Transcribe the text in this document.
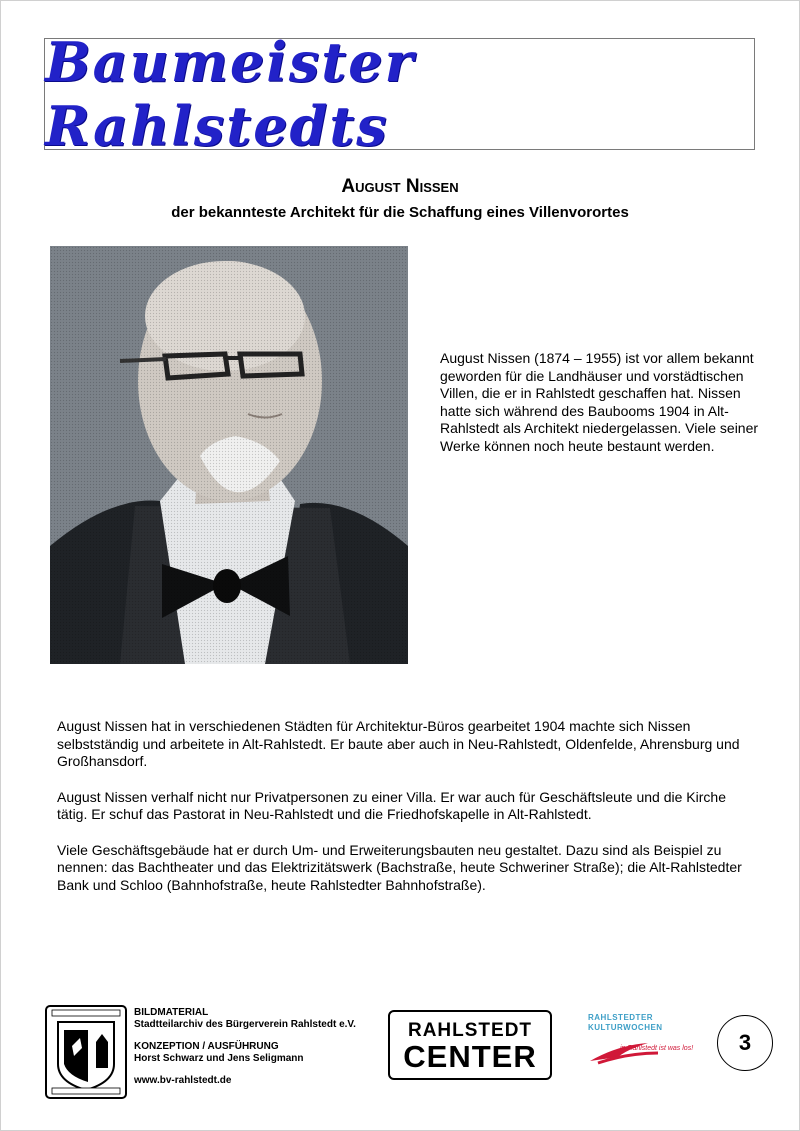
Baumeister Rahlstedts
August Nissen
der bekannteste Architekt für die Schaffung eines Villenvorortes
August Nissen (1874 – 1955) ist vor allem bekannt geworden für die Landhäuser und vorstädtischen Villen, die er in Rahlstedt geschaffen hat. Nissen hatte sich während des Baubooms 1904 in Alt-Rahlstedt als Architekt niedergelassen. Viele seiner Werke können noch heute bestaunt werden.

August Nissen hat in verschiedenen Städten für Architektur-Büros gearbeitet 1904 machte sich Nissen selbstständig und arbeitete in Alt-Rahlstedt. Er baute aber auch in Neu-Rahlstedt, Oldenfelde, Ahrensburg und Großhansdorf.

August Nissen verhalf nicht nur Privatpersonen zu einer Villa. Er war auch für Geschäftsleute und die Kirche tätig. Er schuf das Pastorat in Neu-Rahlstedt und die Friedhofskapelle in Alt-Rahlstedt.

Viele Geschäftsgebäude hat er durch Um- und Erweiterungsbauten neu gestaltet. Dazu sind als Beispiel zu nennen: das Bachtheater und das Elektrizitätswerk (Bachstraße, heute Schweriner Straße); die Alt-Rahlstedter Bank und Schloo (Bahnhofstraße, heute Rahlstedter Bahnhofstraße).

BILDMATERIAL
Stadtteilarchiv des Bürgerverein Rahlstedt e.V.
KONZEPTION / AUSFÜHRUNG
Horst Schwarz und Jens Seligmann
www.bv-rahlstedt.de
RAHLSTEDT
CENTER
RAHLSTEDTER
KULTURWOCHEN
in Rahlstedt ist was los!	3
